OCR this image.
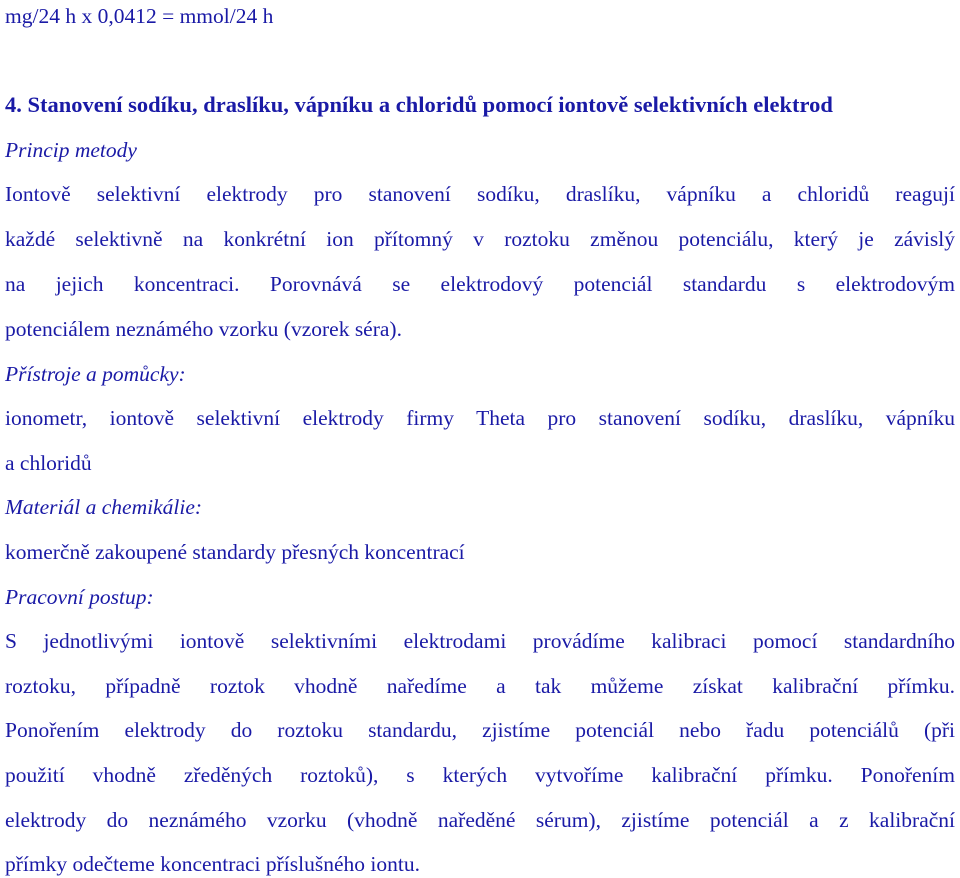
mg/24 h x 0,0412 = mmol/24 h
4. Stanovení sodíku, draslíku, vápníku a chloridů pomocí iontově selektivních elektrod
Princip metody
Iontově selektivní elektrody pro stanovení sodíku, draslíku, vápníku a chloridů reagují
každé selektivně na konkrétní ion přítomný v roztoku změnou potenciálu, který je závislý
na jejich koncentraci. Porovnává se elektrodový potenciál standardu s elektrodovým
potenciálem neznámého vzorku (vzorek séra).
Přístroje a pomůcky:
ionometr, iontově selektivní elektrody firmy Theta pro stanovení sodíku, draslíku, vápníku
a chloridů
Materiál a chemikálie:
komerčně zakoupené standardy přesných koncentrací
Pracovní postup:
S jednotlivými iontově selektivními elektrodami provádíme kalibraci pomocí standardního
roztoku, případně roztok vhodně naředíme a tak můžeme získat kalibrační přímku.
Ponořením elektrody do roztoku standardu, zjistíme potenciál nebo řadu potenciálů (při
použití vhodně zředěných roztoků), s kterých vytvoříme kalibrační přímku. Ponořením
elektrody do neznámého vzorku (vhodně naředěné sérum), zjistíme potenciál a z kalibrační
přímky odečteme koncentraci příslušného iontu.
